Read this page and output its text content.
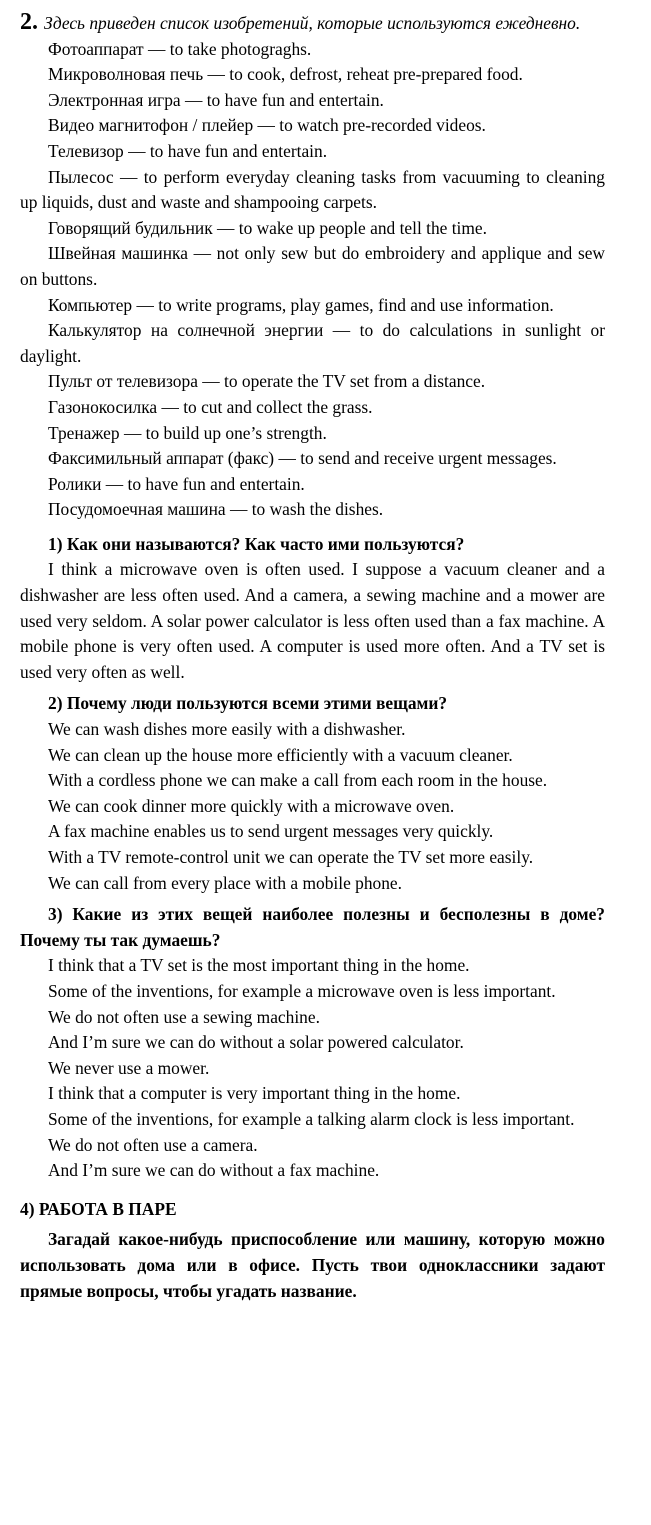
2. Здесь приведен список изобретений, которые используются ежедневно.

Фотоаппарат — to take photograghs.

Микроволновая печь — to cook, defrost, reheat pre-prepared food.

Электронная игра — to have fun and entertain.

Видео магнитофон / плейер — to watch pre-recorded videos.

Телевизор — to have fun and entertain.

Пылесос — to perform everyday cleaning tasks from vacuuming to cleaning up liquids, dust and waste and shampooing carpets.

Говорящий будильник — to wake up people and tell the time.

Швейная машинка — not only sew but do embroidery and applique and sew on buttons.

Компьютер — to write programs, play games, find and use information.

Калькулятор на солнечной энергии — to do calculations in sunlight or daylight.

Пульт от телевизора — to operate the TV set from a distance.

Газонокосилка — to cut and collect the grass.

Тренажер — to build up one’s strength.

Факсимильный аппарат (факс) — to send and receive urgent messages.

Ролики — to have fun and entertain.

Посудомоечная машина — to wash the dishes.

1) Как они называются? Как часто ими пользуются?

I think a microwave oven is often used. I suppose a vacuum cleaner and a dishwasher are less often used. And a camera, a sewing machine and a mower are used very seldom. A solar power calculator is less often used than a fax machine. A mobile phone is very often used. A computer is used more often. And a TV set is used very often as well.

2) Почему люди пользуются всеми этими вещами?

We can wash dishes more easily with a dishwasher.

We can clean up the house more efficiently with a vacuum cleaner.

With a cordless phone we can make a call from each room in the house.

We can cook dinner more quickly with a microwave oven.

A fax machine enables us to send urgent messages very quickly.

With a TV remote-control unit we can operate the TV set more easily.

We can call from every place with a mobile phone.

3) Какие из этих вещей наиболее полезны и бесполезны в доме? Почему ты так думаешь?

I think that a TV set is the most important thing in the home.

Some of the inventions, for example a microwave oven is less important.

We do not often use a sewing machine.

And I’m sure we can do without a solar powered calculator.

We never use a mower.

I think that a computer is very important thing in the home.

Some of the inventions, for example a talking alarm clock is less important.

We do not often use a camera.

And I’m sure we can do without a fax machine.

4) РАБОТА В ПАРЕ

Загадай какое-нибудь приспособление или машину, которую можно использовать дома или в офисе. Пусть твои одноклассники задают прямые вопросы, чтобы угадать название.
